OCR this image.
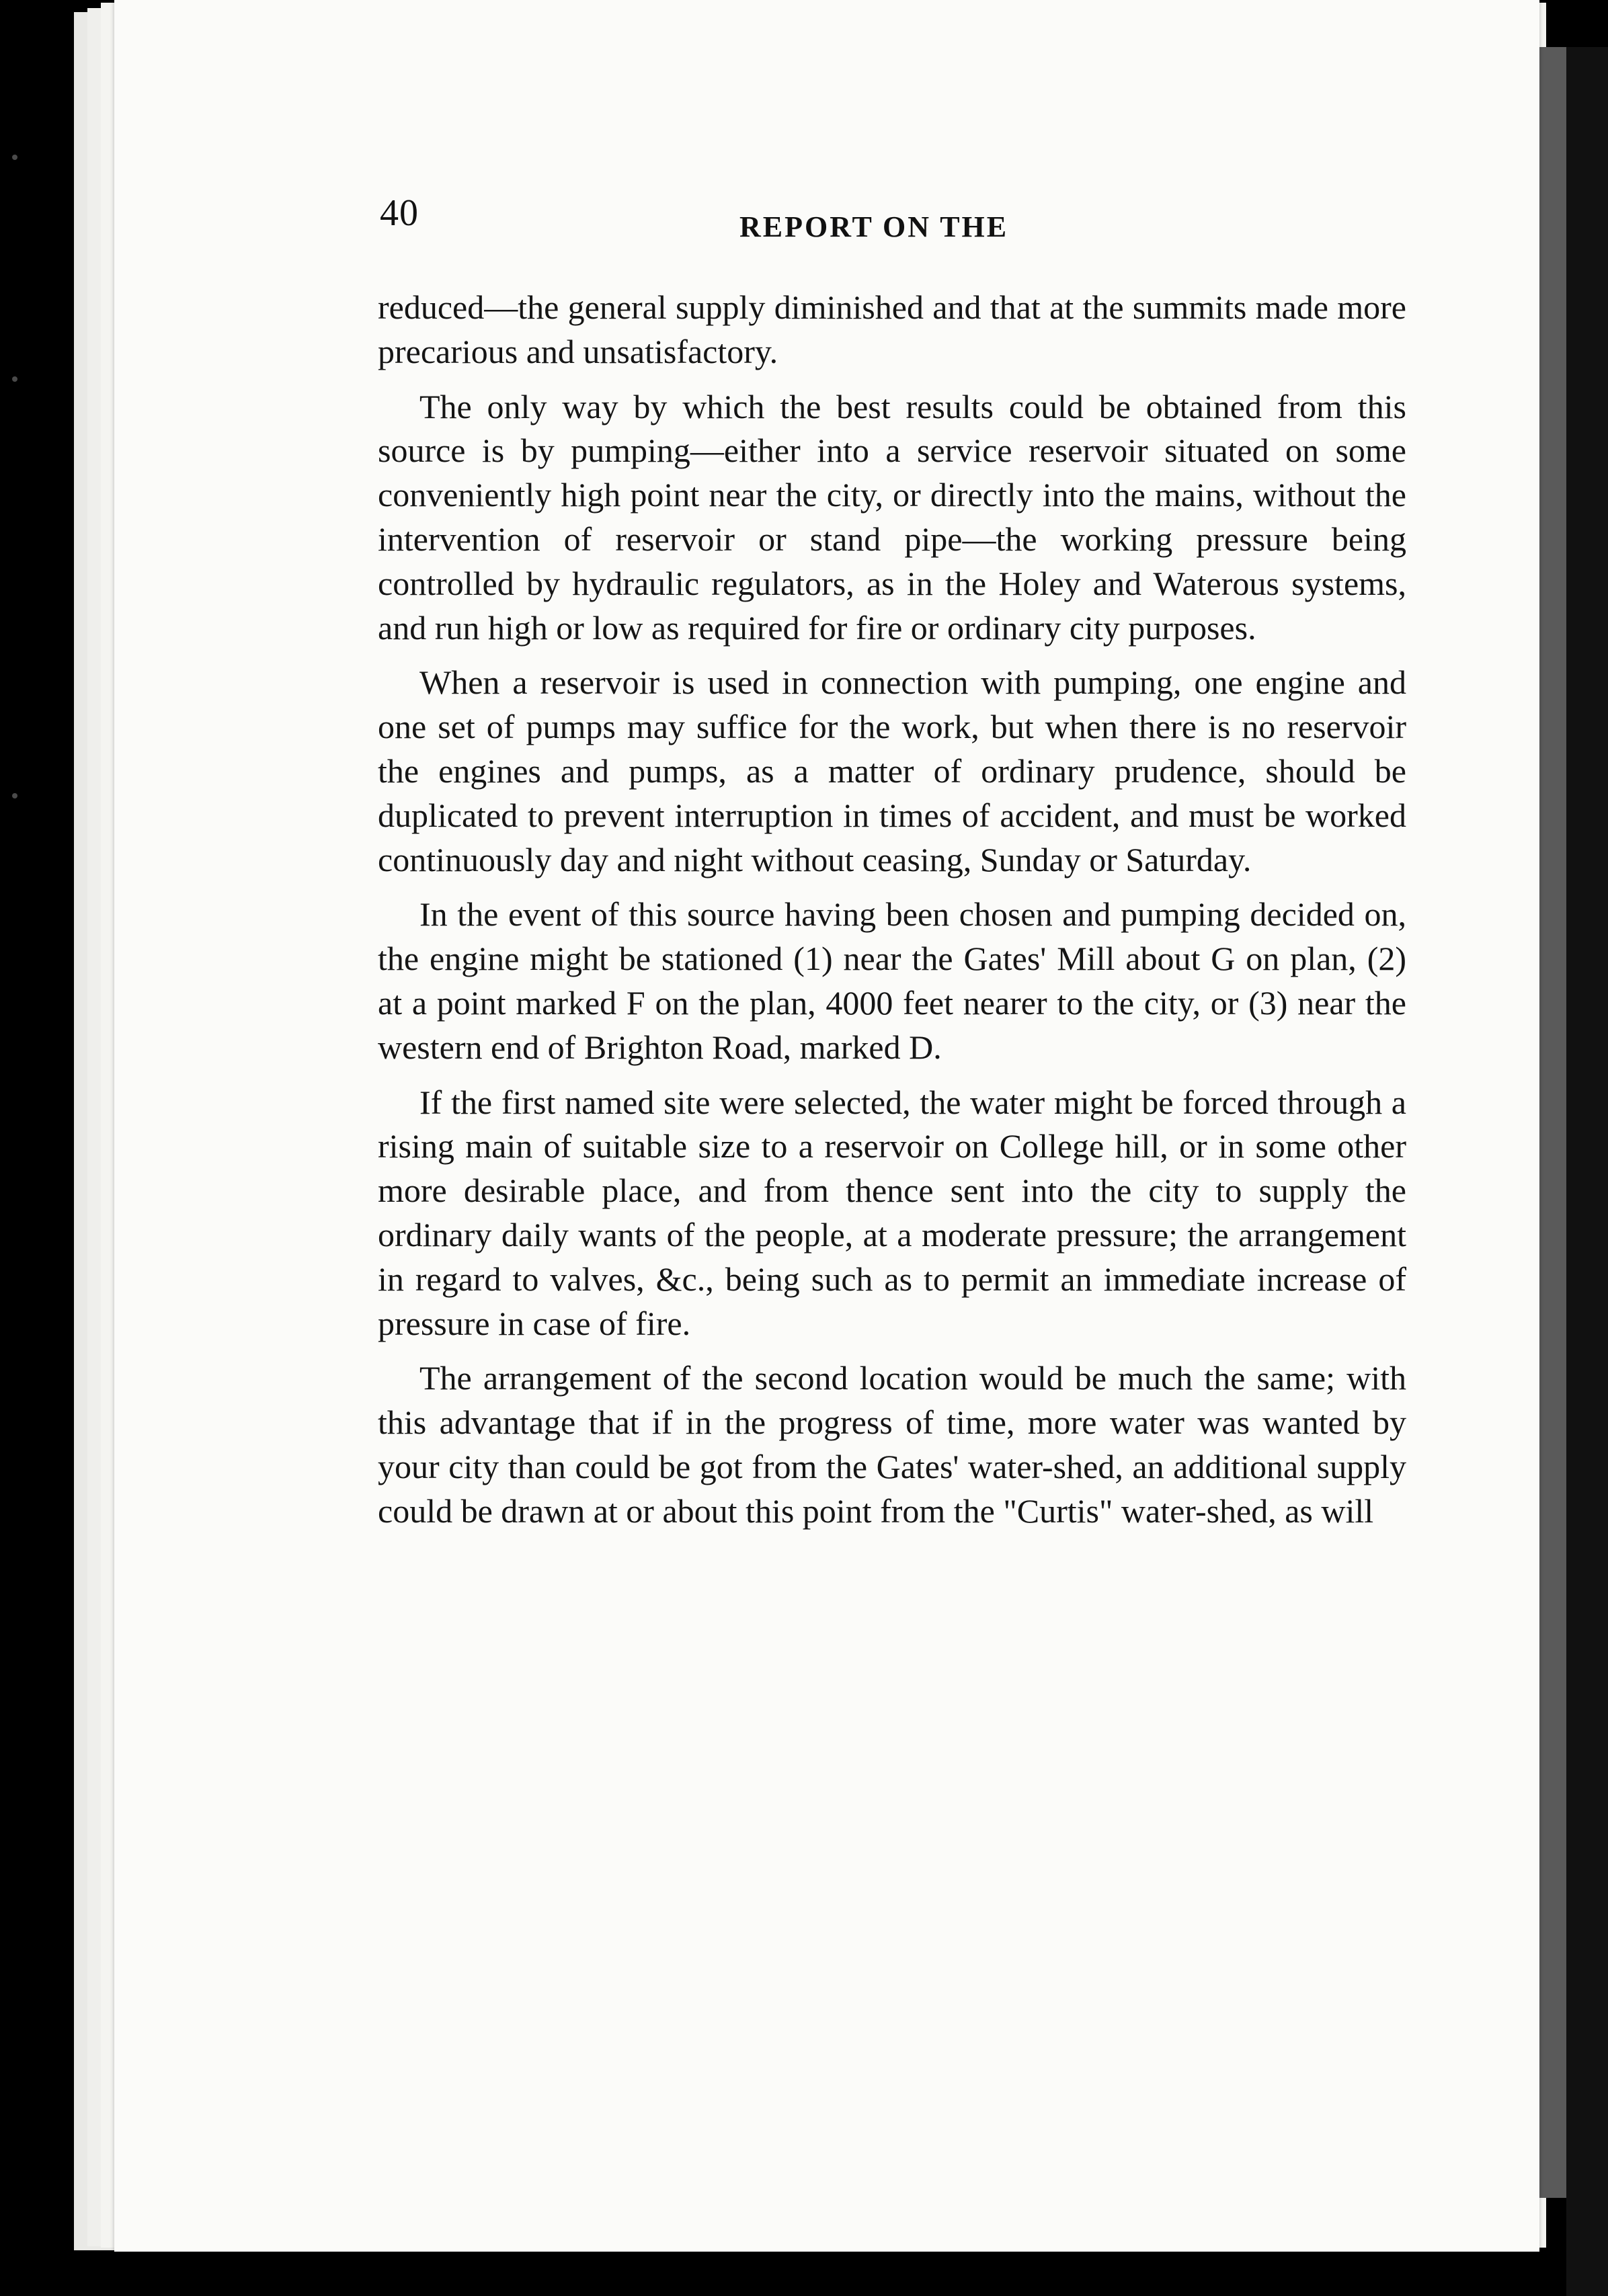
40	REPORT ON THE

reduced—the general supply diminished and that at the summits made more precarious and unsatisfactory.

The only way by which the best results could be obtained from this source is by pumping—either into a service reservoir situated on some conveniently high point near the city, or directly into the mains, without the intervention of reservoir or stand pipe—the working pressure being controlled by hydraulic regulators, as in the Holey and Waterous systems, and run high or low as required for fire or ordinary city purposes.

When a reservoir is used in connection with pumping, one engine and one set of pumps may suffice for the work, but when there is no reservoir the engines and pumps, as a matter of ordinary prudence, should be duplicated to prevent interruption in times of accident, and must be worked continuously day and night without ceasing, Sunday or Saturday.

In the event of this source having been chosen and pumping decided on, the engine might be stationed (1) near the Gates' Mill about G on plan, (2) at a point marked F on the plan, 4000 feet nearer to the city, or (3) near the western end of Brighton Road, marked D.

If the first named site were selected, the water might be forced through a rising main of suitable size to a reservoir on College hill, or in some other more desirable place, and from thence sent into the city to supply the ordinary daily wants of the people, at a moderate pressure; the arrangement in regard to valves, &c., being such as to permit an immediate increase of pressure in case of fire.

The arrangement of the second location would be much the same; with this advantage that if in the progress of time, more water was wanted by your city than could be got from the Gates' water-shed, an additional supply could be drawn at or about this point from the "Curtis" water-shed, as will
